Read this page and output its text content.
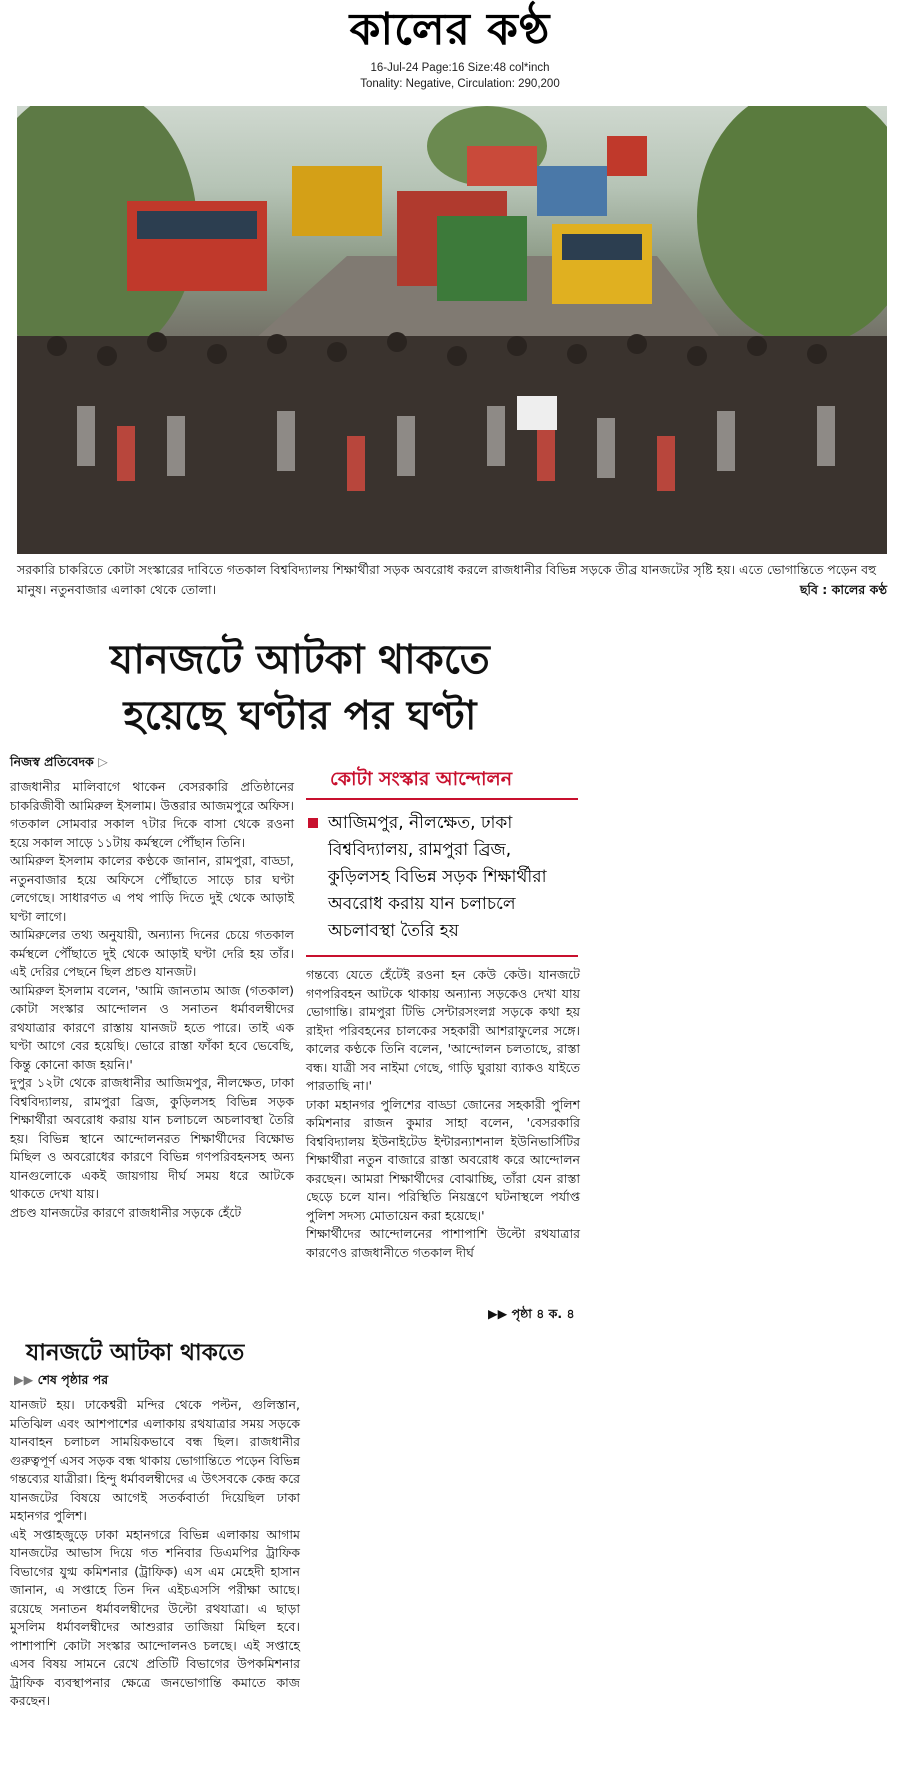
কালের কণ্ঠ
16-Jul-24 Page:16 Size:48 col*inch
Tonality: Negative, Circulation: 290,200
সরকারি চাকরিতে কোটা সংস্কারের দাবিতে গতকাল বিশ্ববিদ্যালয় শিক্ষার্থীরা সড়ক অবরোধ করলে রাজধানীর বিভিন্ন সড়কে তীব্র যানজটের সৃষ্টি হয়। এতে ভোগান্তিতে পড়েন বহু মানুষ। নতুনবাজার এলাকা থেকে তোলা।	ছবি : কালের কণ্ঠ
যানজটে আটকা থাকতে
হয়েছে ঘণ্টার পর ঘণ্টা
নিজস্ব প্রতিবেদক ▷

রাজধানীর মালিবাগে থাকেন বেসরকারি প্রতিষ্ঠানের চাকরিজীবী আমিরুল ইসলাম। উত্তরার আজমপুরে অফিস। গতকাল সোমবার সকাল ৭টার দিকে বাসা থেকে রওনা হয়ে সকাল সাড়ে ১১টায় কর্মস্থলে পৌঁছান তিনি।

আমিরুল ইসলাম কালের কণ্ঠকে জানান, রামপুরা, বাড্ডা, নতুনবাজার হয়ে অফিসে পৌঁছাতে সাড়ে চার ঘণ্টা লেগেছে। সাধারণত এ পথ পাড়ি দিতে দুই থেকে আড়াই ঘণ্টা লাগে।

আমিরুলের তথ্য অনুযায়ী, অন্যান্য দিনের চেয়ে গতকাল কর্মস্থলে পৌঁছাতে দুই থেকে আড়াই ঘণ্টা দেরি হয় তাঁর। এই দেরির পেছনে ছিল প্রচণ্ড যানজট।

আমিরুল ইসলাম বলেন, 'আমি জানতাম আজ (গতকাল) কোটা সংস্কার আন্দোলন ও সনাতন ধর্মাবলম্বীদের রথযাত্রার কারণে রাস্তায় যানজট হতে পারে। তাই এক ঘণ্টা আগে বের হয়েছি। ভোরে রাস্তা ফাঁকা হবে ভেবেছি, কিন্তু কোনো কাজ হয়নি।'

দুপুর ১২টা থেকে রাজধানীর আজিমপুর, নীলক্ষেত, ঢাকা বিশ্ববিদ্যালয়, রামপুরা ব্রিজ, কুড়িলসহ বিভিন্ন সড়ক শিক্ষার্থীরা অবরোধ করায় যান চলাচলে অচলাবস্থা তৈরি হয়। বিভিন্ন স্থানে আন্দোলনরত শিক্ষার্থীদের বিক্ষোভ মিছিল ও অবরোধের কারণে বিভিন্ন গণপরিবহনসহ অন্য যানগুলোকে একই জায়গায় দীর্ঘ সময় ধরে আটকে থাকতে দেখা যায়।

প্রচণ্ড যানজটের কারণে রাজধানীর সড়কে হেঁটে

কোটা সংস্কার আন্দোলন
আজিমপুর, নীলক্ষেত, ঢাকা বিশ্ববিদ্যালয়, রামপুরা ব্রিজ, কুড়িলসহ বিভিন্ন সড়ক শিক্ষার্থীরা অবরোধ করায় যান চলাচলে অচলাবস্থা তৈরি হয়

গন্তব্যে যেতে হেঁটেই রওনা হন কেউ কেউ। যানজটে গণপরিবহন আটকে থাকায় অন্যান্য সড়কেও দেখা যায় ভোগান্তি। রামপুরা টিভি সেন্টারসংলগ্ন সড়কে কথা হয় রাইদা পরিবহনের চালকের সহকারী আশরাফুলের সঙ্গে। কালের কণ্ঠকে তিনি বলেন, 'আন্দোলন চলতাছে, রাস্তা বন্ধ। যাত্রী সব নাইমা গেছে, গাড়ি ঘুরায়া ব্যাকও যাইতে পারতাছি না।'

ঢাকা মহানগর পুলিশের বাড্ডা জোনের সহকারী পুলিশ কমিশনার রাজন কুমার সাহা বলেন, 'বেসরকারি বিশ্ববিদ্যালয় ইউনাইটেড ইন্টারন্যাশনাল ইউনিভার্সিটির শিক্ষার্থীরা নতুন বাজারে রাস্তা অবরোধ করে আন্দোলন করছেন। আমরা শিক্ষার্থীদের বোঝাচ্ছি, তাঁরা যেন রাস্তা ছেড়ে চলে যান। পরিস্থিতি নিয়ন্ত্রণে ঘটনাস্থলে পর্যাপ্ত পুলিশ সদস্য মোতায়েন করা হয়েছে।'

শিক্ষার্থীদের আন্দোলনের পাশাপাশি উল্টো রথযাত্রার কারণেও রাজধানীতে গতকাল দীর্ঘ

▶▶ পৃষ্ঠা ৪ ক. ৪
যানজটে আটকা থাকতে
▶▶ শেষ পৃষ্ঠার পর

যানজট হয়। ঢাকেশ্বরী মন্দির থেকে পল্টন, গুলিস্তান, মতিঝিল এবং আশপাশের এলাকায় রথযাত্রার সময় সড়কে যানবাহন চলাচল সাময়িকভাবে বন্ধ ছিল। রাজধানীর গুরুত্বপূর্ণ এসব সড়ক বন্ধ থাকায় ভোগান্তিতে পড়েন বিভিন্ন গন্তব্যের যাত্রীরা। হিন্দু ধর্মাবলম্বীদের এ উৎসবকে কেন্দ্র করে যানজটের বিষয়ে আগেই সতর্কবার্তা দিয়েছিল ঢাকা মহানগর পুলিশ।

এই সপ্তাহজুড়ে ঢাকা মহানগরে বিভিন্ন এলাকায় আগাম যানজটের আভাস দিয়ে গত শনিবার ডিএমপির ট্রাফিক বিভাগের যুগ্ম কমিশনার (ট্রাফিক) এস এম মেহেদী হাসান জানান, এ সপ্তাহে তিন দিন এইচএসসি পরীক্ষা আছে। রয়েছে সনাতন ধর্মাবলম্বীদের উল্টো রথযাত্রা। এ ছাড়া মুসলিম ধর্মাবলম্বীদের আশুরার তাজিয়া মিছিল হবে। পাশাপাশি কোটা সংস্কার আন্দোলনও চলছে। এই সপ্তাহে এসব বিষয় সামনে রেখে প্রতিটি বিভাগের উপকমিশনার ট্রাফিক ব্যবস্থাপনার ক্ষেত্রে জনভোগান্তি কমাতে কাজ করছেন।
